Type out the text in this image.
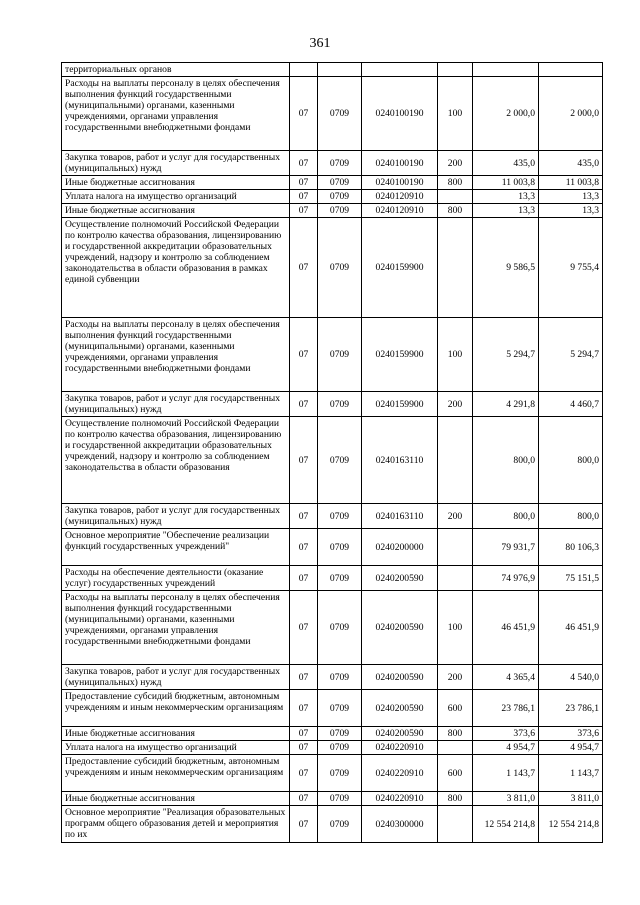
361
территориальных органов						
Расходы на выплаты персоналу в целях обеспечения выполнения функций государственными (муниципальными) органами, казенными учреждениями, органами управления государственными внебюджетными фондами	07	0709	0240100190	100	2 000,0	2 000,0
Закупка товаров, работ и услуг для государственных (муниципальных) нужд	07	0709	0240100190	200	435,0	435,0
Иные бюджетные ассигнования	07	0709	0240100190	800	11 003,8	11 003,8
Уплата налога на имущество организаций	07	0709	0240120910		13,3	13,3
Иные бюджетные ассигнования	07	0709	0240120910	800	13,3	13,3
Осуществление полномочий Российской Федерации по контролю качества образования, лицензированию и государственной аккредитации образовательных учреждений, надзору и контролю за соблюдением законодательства в области образования в рамках единой субвенции	07	0709	0240159900		9 586,5	9 755,4
Расходы на выплаты персоналу в целях обеспечения выполнения функций государственными (муниципальными) органами, казенными учреждениями, органами управления государственными внебюджетными фондами	07	0709	0240159900	100	5 294,7	5 294,7
Закупка товаров, работ и услуг для государственных (муниципальных) нужд	07	0709	0240159900	200	4 291,8	4 460,7
Осуществление полномочий Российской Федерации по контролю качества образования, лицензированию и государственной аккредитации образовательных учреждений, надзору и контролю за соблюдением законодательства в области образования	07	0709	0240163110		800,0	800,0
Закупка товаров, работ и услуг для государственных (муниципальных) нужд	07	0709	0240163110	200	800,0	800,0
Основное мероприятие "Обеспечение реализации функций государственных учреждений"	07	0709	0240200000		79 931,7	80 106,3
Расходы на обеспечение деятельности (оказание услуг) государственных учреждений	07	0709	0240200590		74 976,9	75 151,5
Расходы на выплаты персоналу в целях обеспечения выполнения функций государственными (муниципальными) органами, казенными учреждениями, органами управления государственными внебюджетными фондами	07	0709	0240200590	100	46 451,9	46 451,9
Закупка товаров, работ и услуг для государственных (муниципальных) нужд	07	0709	0240200590	200	4 365,4	4 540,0
Предоставление субсидий бюджетным, автономным учреждениям и иным некоммерческим организациям	07	0709	0240200590	600	23 786,1	23 786,1
Иные бюджетные ассигнования	07	0709	0240200590	800	373,6	373,6
Уплата налога на имущество организаций	07	0709	0240220910		4 954,7	4 954,7
Предоставление субсидий бюджетным, автономным учреждениям и иным некоммерческим организациям	07	0709	0240220910	600	1 143,7	1 143,7
Иные бюджетные ассигнования	07	0709	0240220910	800	3 811,0	3 811,0
Основное мероприятие "Реализация образовательных программ общего образования детей и мероприятия по их	07	0709	0240300000		12 554 214,8	12 554 214,8
